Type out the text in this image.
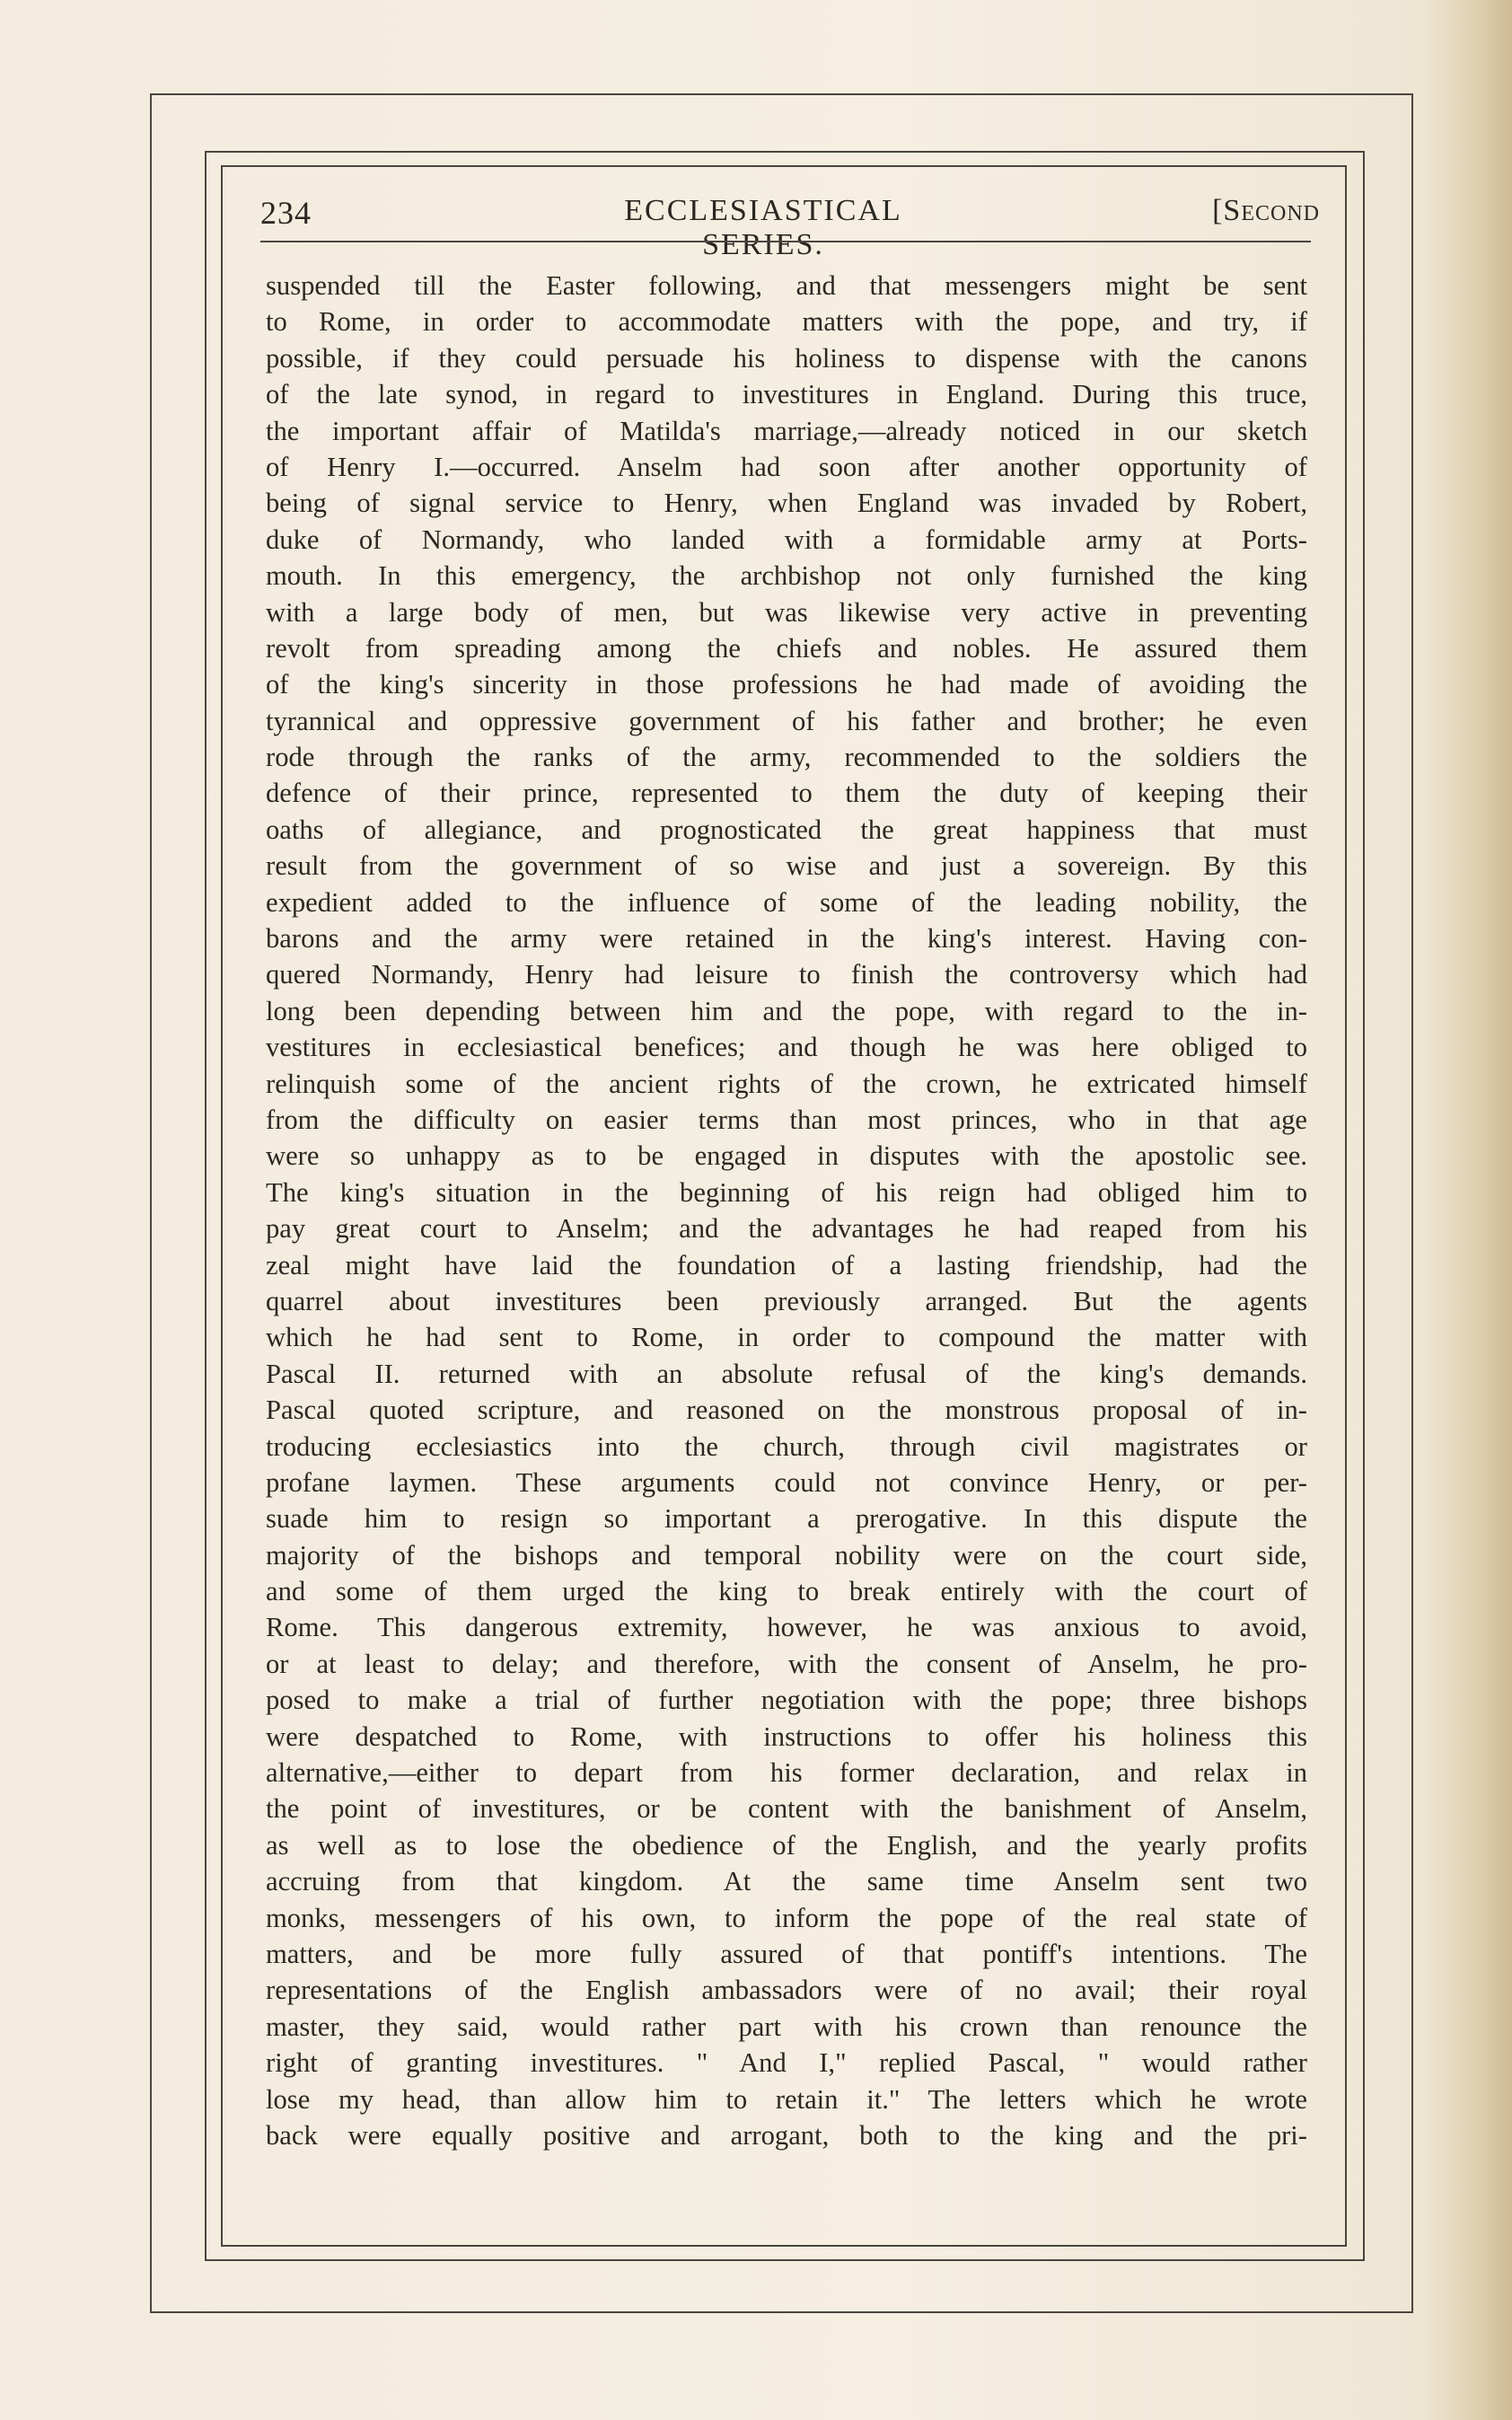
234	ECCLESIASTICAL SERIES.
[Second
suspended till the Easter following, and that messengers might be sent
to Rome, in order to accommodate matters with the pope, and try, if
possible, if they could persuade his holiness to dispense with the canons
of the late synod, in regard to investitures in England. During this truce,
the important affair of Matilda's marriage,—already noticed in our sketch
of Henry I.—occurred. Anselm had soon after another opportunity of
being of signal service to Henry, when England was invaded by Robert,
duke of Normandy, who landed with a formidable army at Ports-
mouth. In this emergency, the archbishop not only furnished the king
with a large body of men, but was likewise very active in preventing
revolt from spreading among the chiefs and nobles. He assured them
of the king's sincerity in those professions he had made of avoiding the
tyrannical and oppressive government of his father and brother; he even
rode through the ranks of the army, recommended to the soldiers the
defence of their prince, represented to them the duty of keeping their
oaths of allegiance, and prognosticated the great happiness that must
result from the government of so wise and just a sovereign. By this
expedient added to the influence of some of the leading nobility, the
barons and the army were retained in the king's interest. Having con-
quered Normandy, Henry had leisure to finish the controversy which had
long been depending between him and the pope, with regard to the in-
vestitures in ecclesiastical benefices; and though he was here obliged to
relinquish some of the ancient rights of the crown, he extricated himself
from the difficulty on easier terms than most princes, who in that age
were so unhappy as to be engaged in disputes with the apostolic see.
The king's situation in the beginning of his reign had obliged him to
pay great court to Anselm; and the advantages he had reaped from his
zeal might have laid the foundation of a lasting friendship, had the
quarrel about investitures been previously arranged. But the agents
which he had sent to Rome, in order to compound the matter with
Pascal II. returned with an absolute refusal of the king's demands.
Pascal quoted scripture, and reasoned on the monstrous proposal of in-
troducing ecclesiastics into the church, through civil magistrates or
profane laymen. These arguments could not convince Henry, or per-
suade him to resign so important a prerogative. In this dispute the
majority of the bishops and temporal nobility were on the court side,
and some of them urged the king to break entirely with the court of
Rome. This dangerous extremity, however, he was anxious to avoid,
or at least to delay; and therefore, with the consent of Anselm, he pro-
posed to make a trial of further negotiation with the pope; three bishops
were despatched to Rome, with instructions to offer his holiness this
alternative,—either to depart from his former declaration, and relax in
the point of investitures, or be content with the banishment of Anselm,
as well as to lose the obedience of the English, and the yearly profits
accruing from that kingdom. At the same time Anselm sent two
monks, messengers of his own, to inform the pope of the real state of
matters, and be more fully assured of that pontiff's intentions. The
representations of the English ambassadors were of no avail; their royal
master, they said, would rather part with his crown than renounce the
right of granting investitures. " And I," replied Pascal, " would rather
lose my head, than allow him to retain it." The letters which he wrote
back were equally positive and arrogant, both to the king and the pri-
